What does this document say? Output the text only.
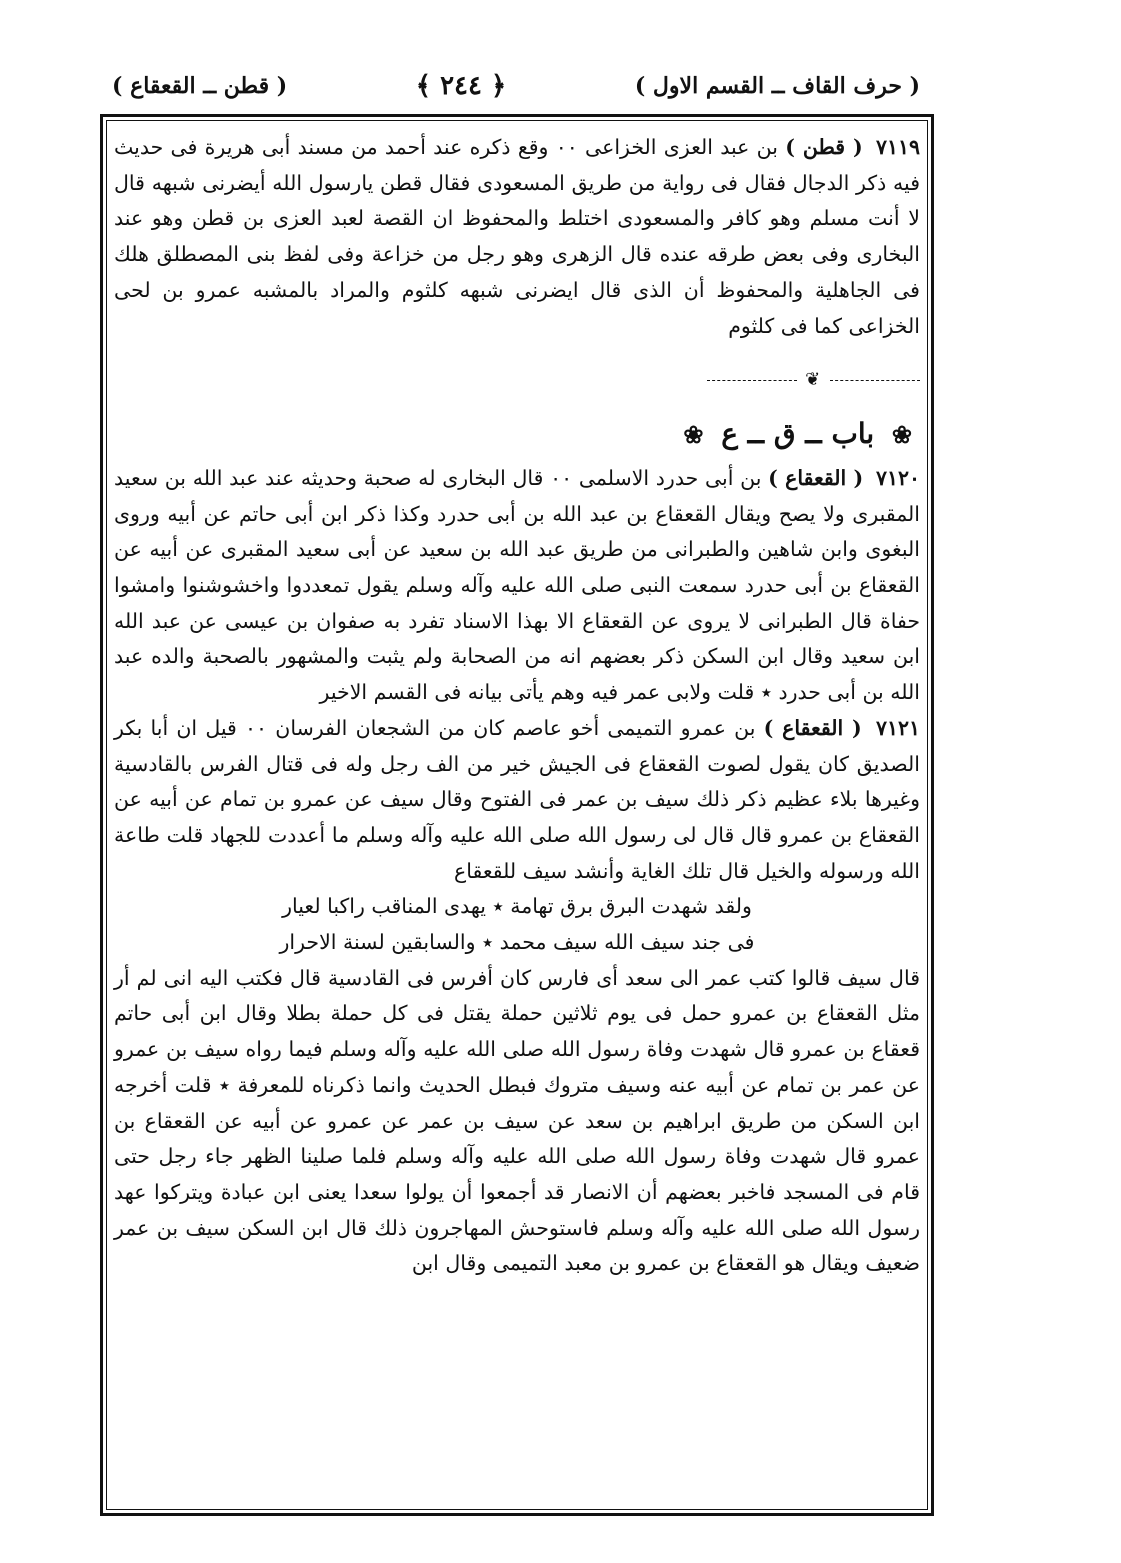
( حرف القاف ــ القسم الاول )
﴿ ٢٤٤ ﴾
( قطن ــ القعقاع )

٧١١٩ ( قطن ) بن عبد العزى الخزاعى ٠٠ وقع ذكره عند أحمد من مسند أبى هريرة فى حديث فيه ذكر الدجال فقال فى رواية من طريق المسعودى فقال قطن يارسول الله أيضرنى شبهه قال لا أنت مسلم وهو كافر والمسعودى اختلط والمحفوظ ان القصة لعبد العزى بن قطن وهو عند البخارى وفى بعض طرقه عنده قال الزهرى وهو رجل من خزاعة وفى لفظ بنى المصطلق هلك فى الجاهلية والمحفوظ أن الذى قال ايضرنى شبهه كلثوم والمراد بالمشبه عمرو بن لحى الخزاعى كما فى كلثوم

❦
❀ باب ــ ق ــ ع ❀

٧١٢٠ ( القعقاع ) بن أبى حدرد الاسلمى ٠٠ قال البخارى له صحبة وحديثه عند عبد الله بن سعيد المقبرى ولا يصح ويقال القعقاع بن عبد الله بن أبى حدرد وكذا ذكر ابن أبى حاتم عن أبيه وروى البغوى وابن شاهين والطبرانى من طريق عبد الله بن سعيد عن أبى سعيد المقبرى عن أبيه عن القعقاع بن أبى حدرد سمعت النبى صلى الله عليه وآله وسلم يقول تمعددوا واخشوشنوا وامشوا حفاة قال الطبرانى لا يروى عن القعقاع الا بهذا الاسناد تفرد به صفوان بن عيسى عن عبد الله ابن سعيد وقال ابن السكن ذكر بعضهم انه من الصحابة ولم يثبت والمشهور بالصحبة والده عبد الله بن أبى حدرد ٭ قلت ولابى عمر فيه وهم يأتى بيانه فى القسم الاخير

٧١٢١ ( القعقاع ) بن عمرو التميمى أخو عاصم كان من الشجعان الفرسان ٠٠ قيل ان أبا بكر الصديق كان يقول لصوت القعقاع فى الجيش خير من الف رجل وله فى قتال الفرس بالقادسية وغيرها بلاء عظيم ذكر ذلك سيف بن عمر فى الفتوح وقال سيف عن عمرو بن تمام عن أبيه عن القعقاع بن عمرو قال قال لى رسول الله صلى الله عليه وآله وسلم ما أعددت للجهاد قلت طاعة الله ورسوله والخيل قال تلك الغاية وأنشد سيف للقعقاع

ولقد شهدت البرق برق تهامة ٭ يهدى المناقب راكبا لعيار

فى جند سيف الله سيف محمد ٭ والسابقين لسنة الاحرار

قال سيف قالوا كتب عمر الى سعد أى فارس كان أفرس فى القادسية قال فكتب اليه انى لم أر مثل القعقاع بن عمرو حمل فى يوم ثلاثين حملة يقتل فى كل حملة بطلا وقال ابن أبى حاتم قعقاع بن عمرو قال شهدت وفاة رسول الله صلى الله عليه وآله وسلم فيما رواه سيف بن عمرو عن عمر بن تمام عن أبيه عنه وسيف متروك فبطل الحديث وانما ذكرناه للمعرفة ٭ قلت أخرجه ابن السكن من طريق ابراهيم بن سعد عن سيف بن عمر عن عمرو عن أبيه عن القعقاع بن عمرو قال شهدت وفاة رسول الله صلى الله عليه وآله وسلم فلما صلينا الظهر جاء رجل حتى قام فى المسجد فاخبر بعضهم أن الانصار قد أجمعوا أن يولوا سعدا يعنى ابن عبادة ويتركوا عهد رسول الله صلى الله عليه وآله وسلم فاستوحش المهاجرون ذلك قال ابن السكن سيف بن عمر ضعيف ويقال هو القعقاع بن عمرو بن معبد التميمى وقال ابن
